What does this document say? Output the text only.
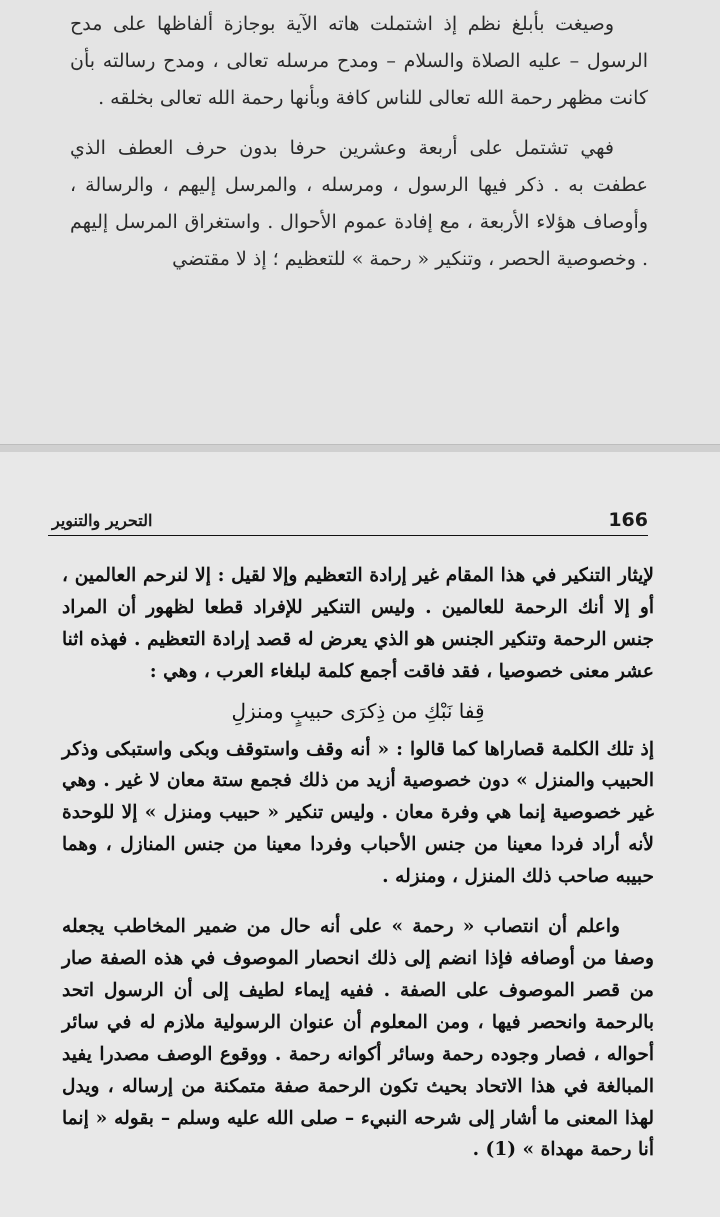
وصيغت بأبلغ نظم إذ اشتملت هاته الآية بوجازة ألفاظها على مدح الرسول – عليه الصلاة والسلام – ومدح مرسله تعالى ، ومدح رسالته بأن كانت مظهر رحمة الله تعالى للناس كافة وبأنها رحمة الله تعالى بخلقه .

فهي تشتمل على أربعة وعشرين حرفا بدون حرف العطف الذي عطفت به . ذكر فيها الرسول ، ومرسله ، والمرسل إليهم ، والرسالة ، وأوصاف هؤلاء الأربعة ، مع إفادة عموم الأحوال . واستغراق المرسل إليهم . وخصوصية الحصر ، وتنكير « رحمة » للتعظيم ؛ إذ لا مقتضي

166
التحرير والتنوير

لإيثار التنكير في هذا المقام غير إرادة التعظيم وإلا لقيل : إلا لنرحم العالمين ، أو إلا أنك الرحمة للعالمين . وليس التنكير للإفراد قطعا لظهور أن المراد جنس الرحمة وتنكير الجنس هو الذي يعرض له قصد إرادة التعظيم . فهذه اثنا عشر معنى خصوصيا ، فقد فاقت أجمع كلمة لبلغاء العرب ، وهي :

قِفا نَبْكِ من ذِكرَى حبيبٍ ومنزلِ

إذ تلك الكلمة قصاراها كما قالوا : « أنه وقف واستوقف وبكى واستبكى وذكر الحبيب والمنزل » دون خصوصية أزيد من ذلك فجمع ستة معان لا غير . وهي غير خصوصية إنما هي وفرة معان . وليس تنكير « حبيب ومنزل » إلا للوحدة لأنه أراد فردا معينا من جنس الأحباب وفردا معينا من جنس المنازل ، وهما حبيبه صاحب ذلك المنزل ، ومنزله .

واعلم أن انتصاب « رحمة » على أنه حال من ضمير المخاطب يجعله وصفا من أوصافه فإذا انضم إلى ذلك انحصار الموصوف في هذه الصفة صار من قصر الموصوف على الصفة . ففيه إيماء لطيف إلى أن الرسول اتحد بالرحمة وانحصر فيها ، ومن المعلوم أن عنوان الرسولية ملازم له في سائر أحواله ، فصار وجوده رحمة وسائر أكوانه رحمة . ووقوع الوصف مصدرا يفيد المبالغة في هذا الاتحاد بحيث تكون الرحمة صفة متمكنة من إرساله ، ويدل لهذا المعنى ما أشار إلى شرحه النبيء – صلى الله عليه وسلم – بقوله « إنما أنا رحمة مهداة » (1) .
